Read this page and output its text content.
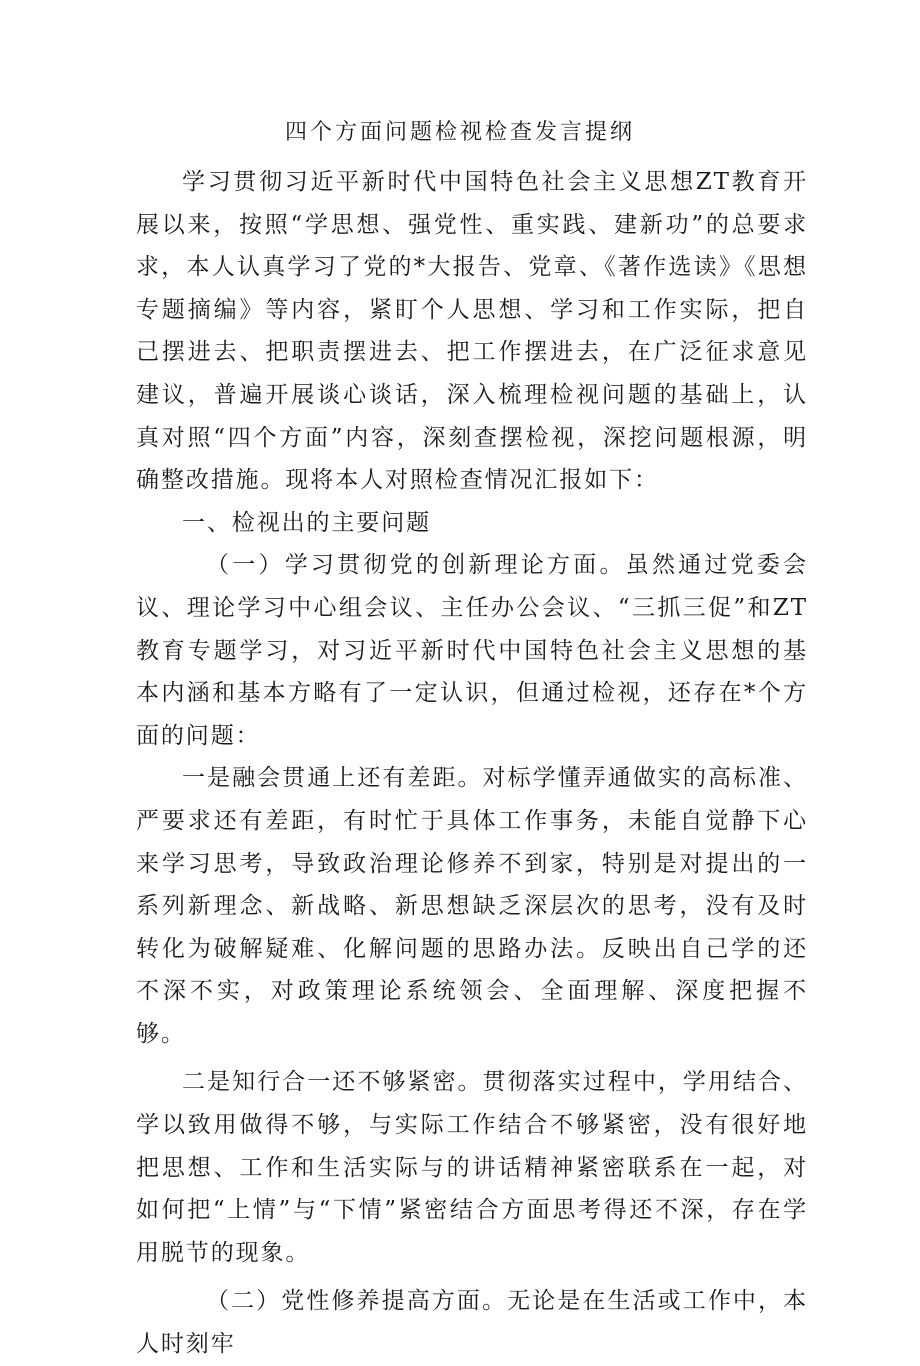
四个方面问题检视检查发言提纲

学习贯彻习近平新时代中国特色社会主义思想ZT教育开展以来，按照“学思想、强党性、重实践、建新功”的总要求求，本人认真学习了党的*大报告、党章、《著作选读》《思想专题摘编》等内容，紧盯个人思想、学习和工作实际，把自己摆进去、把职责摆进去、把工作摆进去，在广泛征求意见建议，普遍开展谈心谈话，深入梳理检视问题的基础上，认真对照“四个方面”内容，深刻查摆检视，深挖问题根源，明确整改措施。现将本人对照检查情况汇报如下：

一、检视出的主要问题

（一）学习贯彻党的创新理论方面。虽然通过党委会议、理论学习中心组会议、主任办公会议、“三抓三促”和ZT教育专题学习，对习近平新时代中国特色社会主义思想的基本内涵和基本方略有了一定认识，但通过检视，还存在*个方面的问题：

一是融会贯通上还有差距。对标学懂弄通做实的高标准、严要求还有差距，有时忙于具体工作事务，未能自觉静下心来学习思考，导致政治理论修养不到家，特别是对提出的一系列新理念、新战略、新思想缺乏深层次的思考，没有及时转化为破解疑难、化解问题的思路办法。反映出自己学的还不深不实，对政策理论系统领会、全面理解、深度把握不够。

二是知行合一还不够紧密。贯彻落实过程中，学用结合、学以致用做得不够，与实际工作结合不够紧密，没有很好地把思想、工作和生活实际与的讲话精神紧密联系在一起，对如何把“上情”与“下情”紧密结合方面思考得还不深，存在学用脱节的现象。

（二）党性修养提高方面。无论是在生活或工作中，本人时刻牢
